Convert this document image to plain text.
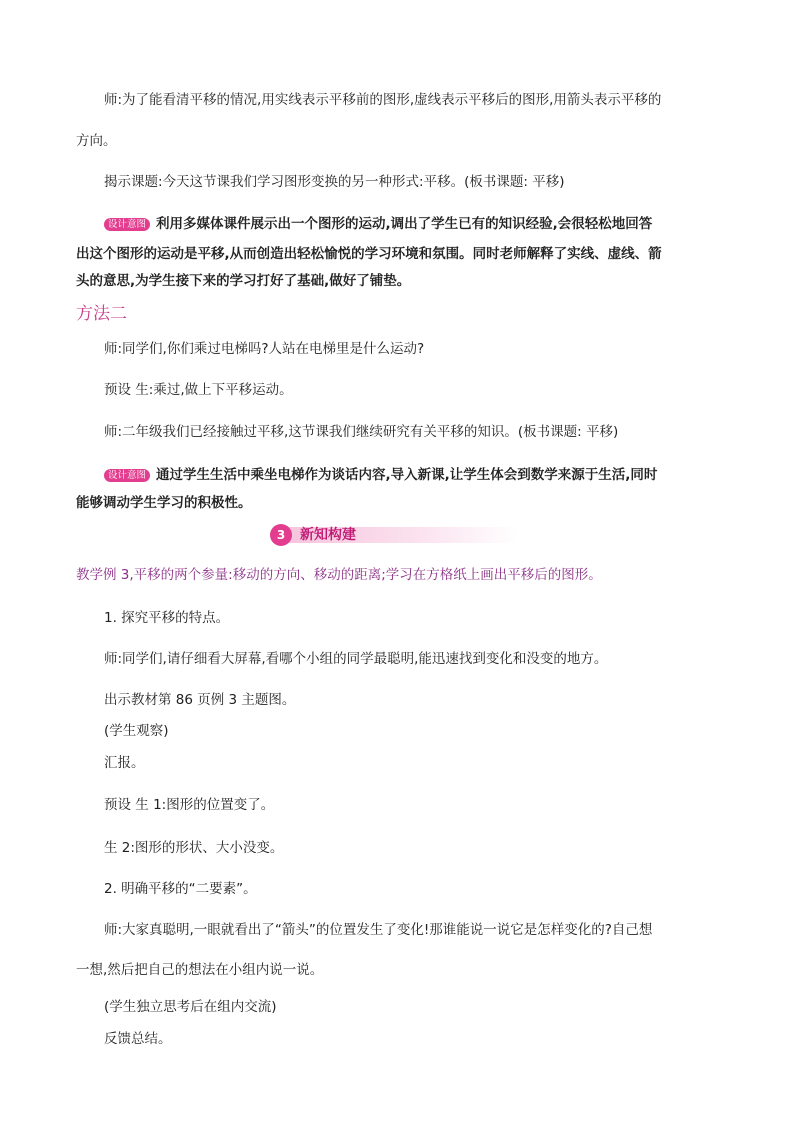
师:为了能看清平移的情况,用实线表示平移前的图形,虚线表示平移后的图形,用箭头表示平移的
方向。
揭示课题:今天这节课我们学习图形变换的另一种形式:平移。(板书课题: 平移)
设计意图 利用多媒体课件展示出一个图形的运动,调出了学生已有的知识经验,会很轻松地回答
出这个图形的运动是平移,从而创造出轻松愉悦的学习环境和氛围。同时老师解释了实线、虚线、箭
头的意思,为学生接下来的学习打好了基础,做好了铺垫。
方法二
师:同学们,你们乘过电梯吗?人站在电梯里是什么运动?
预设 生:乘过,做上下平移运动。
师:二年级我们已经接触过平移,这节课我们继续研究有关平移的知识。(板书课题: 平移)
设计意图 通过学生生活中乘坐电梯作为谈话内容,导入新课,让学生体会到数学来源于生活,同时
能够调动学生学习的积极性。
3	新知构建
教学例 3,平移的两个参量:移动的方向、移动的距离;学习在方格纸上画出平移后的图形。
1. 探究平移的特点。
师:同学们,请仔细看大屏幕,看哪个小组的同学最聪明,能迅速找到变化和没变的地方。
出示教材第 86 页例 3 主题图。
(学生观察)
汇报。
预设 生 1:图形的位置变了。
生 2:图形的形状、大小没变。
2. 明确平移的“二要素”。
师:大家真聪明,一眼就看出了“箭头”的位置发生了变化!那谁能说一说它是怎样变化的?自己想
一想,然后把自己的想法在小组内说一说。
(学生独立思考后在组内交流)
反馈总结。
